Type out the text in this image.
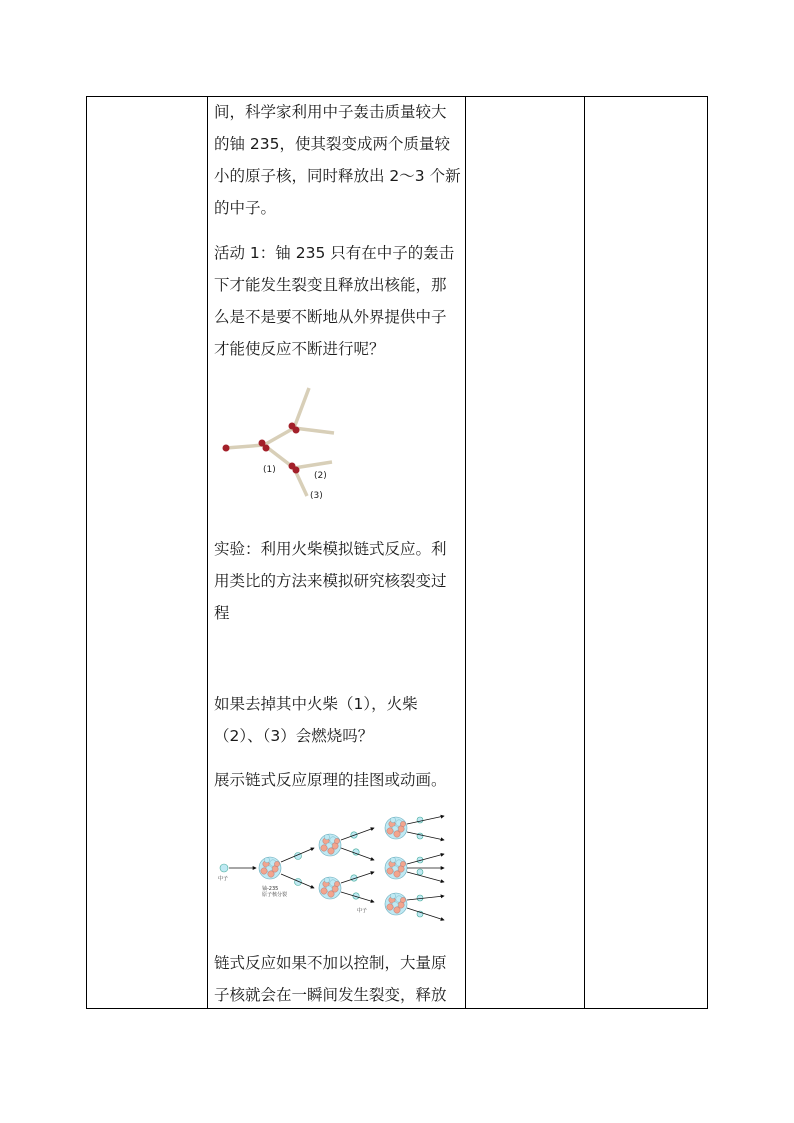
间，科学家利用中子轰击质量较大

的铀 235，使其裂变成两个质量较

小的原子核，同时释放出 2～3 个新

的中子。

活动 1：铀 235 只有在中子的轰击

下才能发生裂变且释放出核能，那

么是不是要不断地从外界提供中子

才能使反应不断进行呢？

(1)
(2)
(3)

实验：利用火柴模拟链式反应。利

用类比的方法来模拟研究核裂变过

程

如果去掉其中火柴（1），火柴

（2）、（3）会燃烧吗？

展示链式反应原理的挂图或动画。

中子
铀-235
原子核分裂
中子

链式反应如果不加以控制，大量原

子核就会在一瞬间发生裂变，释放
